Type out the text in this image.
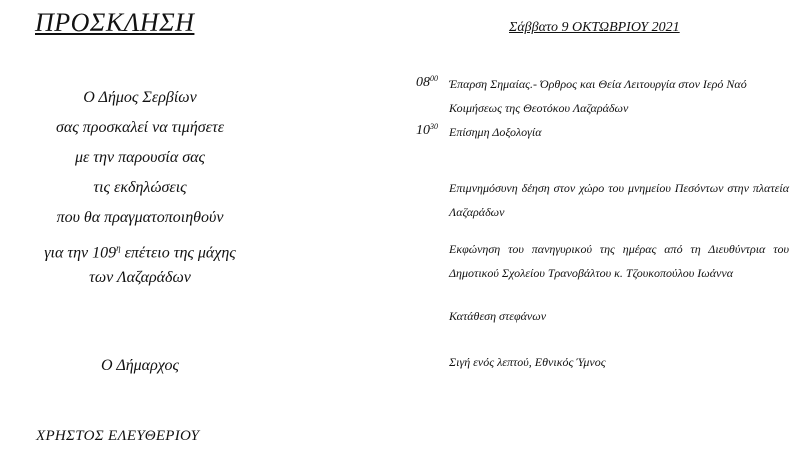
ΠΡΟΣΚΛΗΣΗ
Ο Δήμος Σερβίων
σας προσκαλεί να τιμήσετε
με την παρουσία σας
τις εκδηλώσεις
που θα πραγματοποιηθούν
για την $109^\eta$ επέτειο της μάχης
των Λαζαράδων
Ο Δήμαρχος
ΧΡΗΣΤΟΣ ΕΛΕΥΘΕΡΙΟΥ
Σάββατο 9 ΟΚΤΩΒΡΙΟΥ 2021
$08^{00}$ Έπαρση Σημαίας.- Όρθρος και Θεία Λειτουργία στον Ιερό Ναό Κοιμήσεως της Θεοτόκου Λαζαράδων
$10^{30}$ Επίσημη Δοξολογία
Επιμνημόσυνη δέηση στον χώρο του μνημείου Πεσόντων στην πλατεία Λαζαράδων
Εκφώνηση του πανηγυρικού της ημέρας από τη Διευθύντρια του Δημοτικού Σχολείου Τρανοβάλτου κ. Τζουκοπούλου Ιωάννα
Κατάθεση στεφάνων
Σιγή ενός λεπτού, Εθνικός Ύμνος
